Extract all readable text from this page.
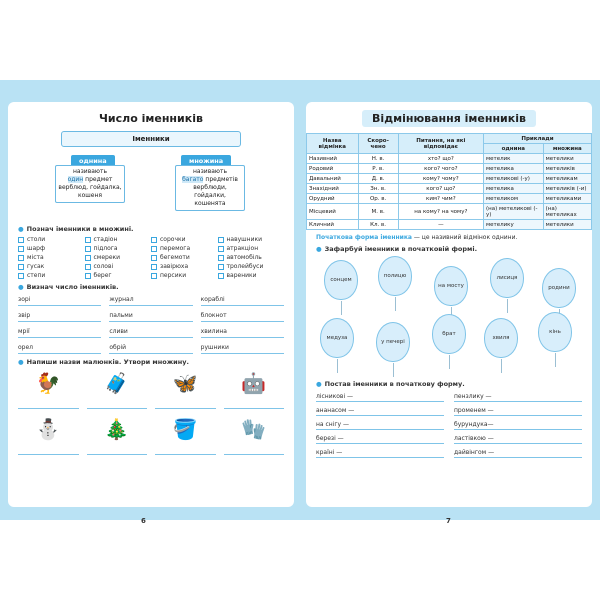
Число іменників
Іменники
однина	множина
називають
один предмет
верблюд, гойдалка, кошеня
називають
багато предметів
верблюди, гойдалки, кошенята
● Познач іменники в множині.
столи	стадіон	сорочки	навушники
шарф	підлога	перемога	атракціон
міста	смереки	бегемоти	автомобіль
гусак	солові	завірюха	тролейбуси
степи	берег	персики	вареники
● Визнач число іменників.
зорі	журнал	кораблі
звір	пальми	блокнот
мрії	сливи	хвилина
орел	обрій	рушники
● Напиши назви малюнків. Утвори множину.
🐓	🧳	🦋	🤖
⛄	🎄	🪣	🧤
6
Відмінювання іменників
Назва відмінка	Скоро-чено	Питання, на які відповідає	Приклади	
			однина	множина
Називний	Н. в.	хто? що?	метелик	метелики
Родовий	Р. в.	кого? чого?	метелика	метеликів
Давальний	Д. в.	кому? чому?	метеликові (-у)	метеликам
Знахідний	Зн. в.	кого? що?	метелика	метеликів (-и)
Орудний	Ор. в.	ким? чим?	метеликом	метеликами
Місцевий	М. в.	на кому? на чому?	(на) метеликові (-у)	(на) метеликах
Кличний	Кл. в.	—	метелику	метелики
Початкова форма іменника — це називний відмінок однини.
● Зафарбуй іменники в початковій формі.
сонцем
полицю
на мосту
лисиця
родини
медуза
у печері
брат
хвиля
кінь
● Постав іменники в початкову форму.
лісникові —	пензлику —
ананасом —	променем —
на снігу —	бурундука—
березі —	ластівкою —
країні —	дайвінгом —
7
